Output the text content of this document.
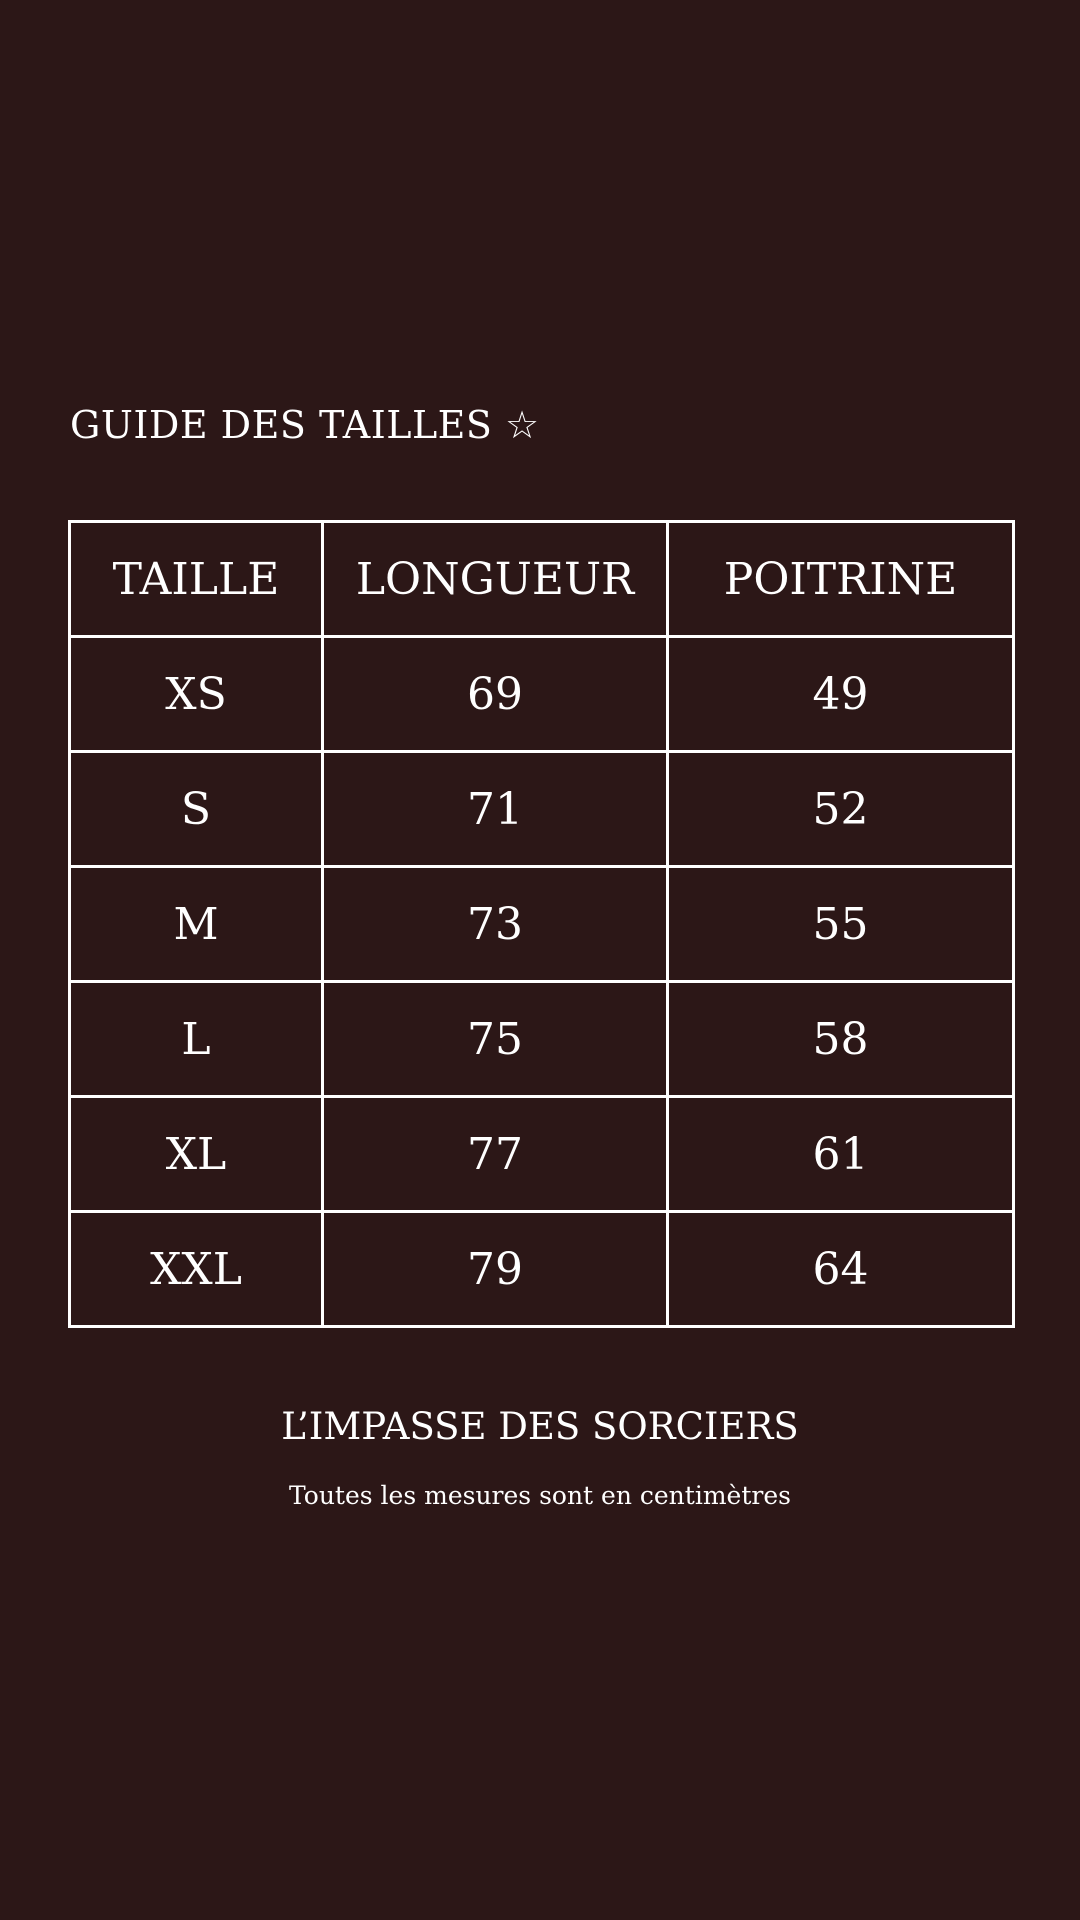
GUIDE DES TAILLES ☆
TAILLE	LONGUEUR	POITRINE
XS	69	49
S	71	52
M	73	55
L	75	58
XL	77	61
XXL	79	64
L’IMPASSE DES SORCIERS
Toutes les mesures sont en centimètres
